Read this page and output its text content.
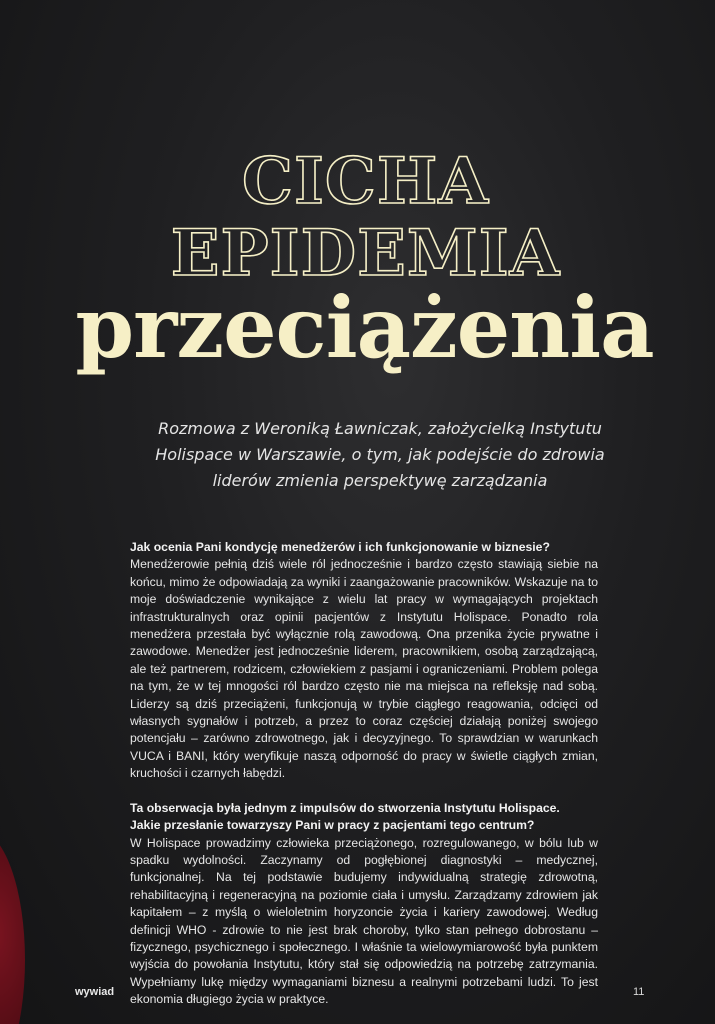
CICHA
EPIDEMIA
przeciążenia
Rozmowa z Weroniką Ławniczak, założycielką Instytutu
Holispace w Warszawie, o tym, jak podejście do zdrowia
liderów zmienia perspektywę zarządzania

Jak ocenia Pani kondycję menedżerów i ich funkcjonowanie w biznesie?

Menedżerowie pełnią dziś wiele ról jednocześnie i bardzo często stawiają siebie na końcu, mimo że odpowiadają za wyniki i zaangażowanie pracowników. Wskazuje na to moje doświadczenie wynikające z wielu lat pracy w wymagających projektach infrastrukturalnych oraz opinii pacjentów z Instytutu Holispace. Ponadto rola menedżera przestała być wyłącznie rolą zawodową. Ona przenika życie prywatne i zawodowe. Menedżer jest jednocześnie liderem, pracownikiem, osobą zarządzającą, ale też partnerem, rodzicem, człowiekiem z pasjami i ograniczeniami. Problem polega na tym, że w tej mnogości ról bardzo często nie ma miejsca na refleksję nad sobą. Liderzy są dziś przeciążeni, funkcjonują w trybie ciągłego reagowania, odcięci od własnych sygnałów i potrzeb, a przez to coraz częściej działają poniżej swojego potencjału – zarówno zdrowotnego, jak i decyzyjnego. To sprawdzian w warunkach VUCA i BANI, który weryfikuje naszą odporność do pracy w świetle ciągłych zmian, kruchości i czarnych łabędzi.

Ta obserwacja była jednym z impulsów do stworzenia Instytutu Holispace.

Jakie przesłanie towarzyszy Pani w pracy z pacjentami tego centrum?

W Holispace prowadzimy człowieka przeciążonego, rozregulowanego, w bólu lub w spadku wydolności. Zaczynamy od pogłębionej diagnostyki – medycznej, funkcjonalnej. Na tej podstawie budujemy indywidualną strategię zdrowotną, rehabilitacyjną i regeneracyjną na poziomie ciała i umysłu. Zarządzamy zdrowiem jak kapitałem – z myślą o wieloletnim horyzoncie życia i kariery zawodowej. Według definicji WHO - zdrowie to nie jest brak choroby, tylko stan pełnego dobrostanu – fizycznego, psychicznego i społecznego. I właśnie ta wielowymiarowość była punktem wyjścia do powołania Instytutu, który stał się odpowiedzią na potrzebę zatrzymania. Wypełniamy lukę między wymaganiami biznesu a realnymi potrzebami ludzi. To jest ekonomia długiego życia w praktyce.

wywiad	11
